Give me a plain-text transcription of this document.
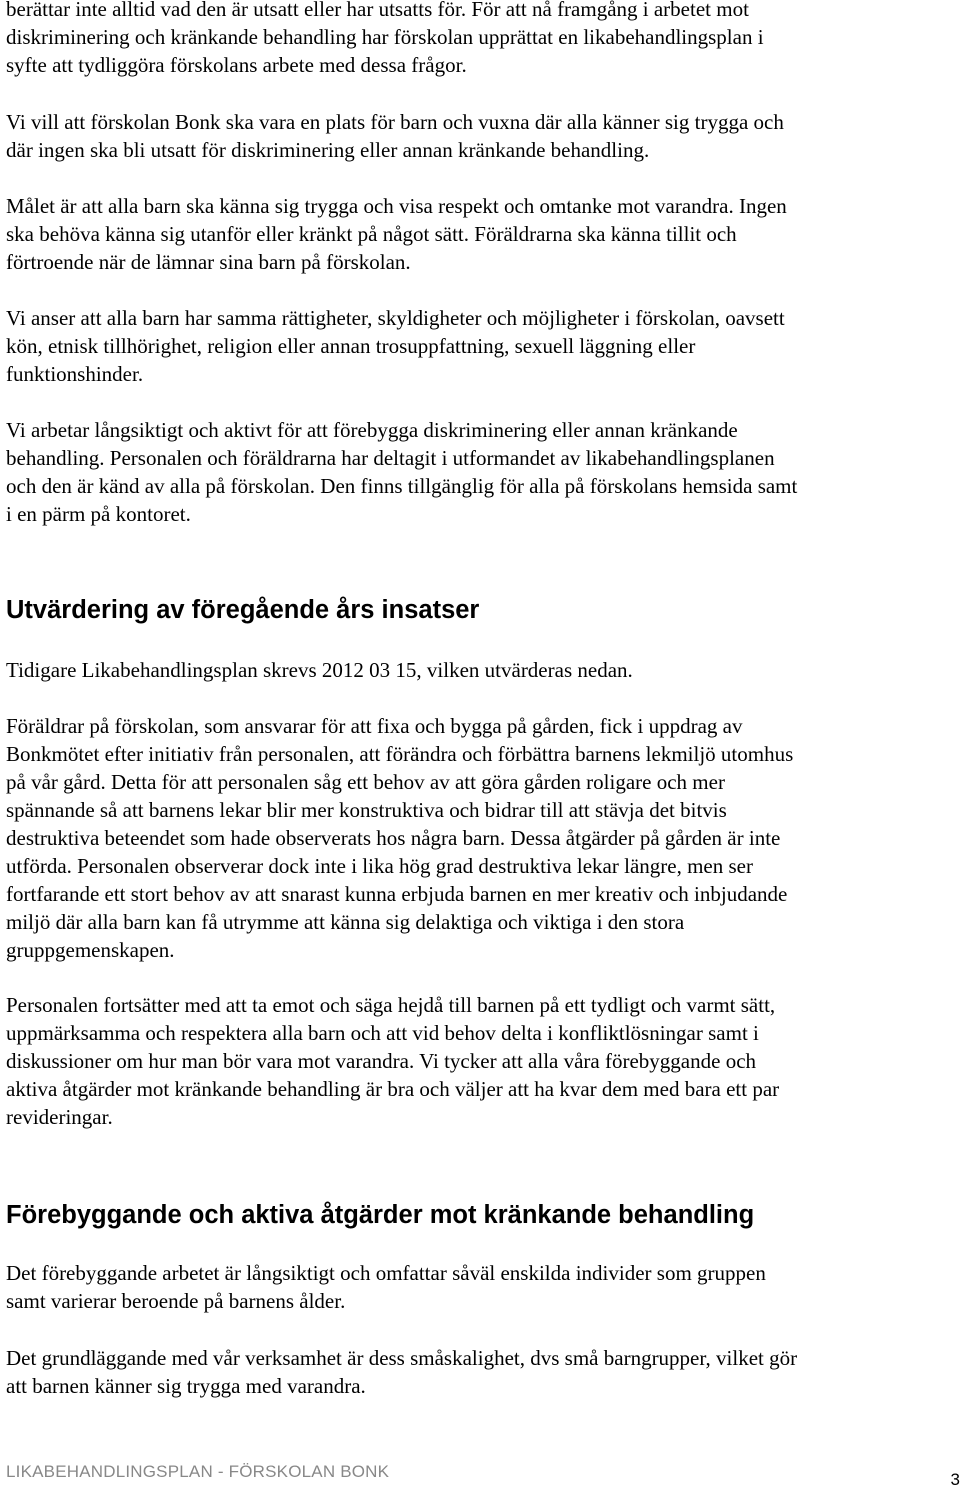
berättar inte alltid vad den är utsatt eller har utsatts för. För att nå framgång i arbetet mot
diskriminering och kränkande behandling har förskolan upprättat en likabehandlingsplan i
syfte att tydliggöra förskolans arbete med dessa frågor.

Vi vill att förskolan Bonk ska vara en plats för barn och vuxna där alla känner sig trygga och
där ingen ska bli utsatt för diskriminering eller annan kränkande behandling.

Målet är att alla barn ska känna sig trygga och visa respekt och omtanke mot varandra. Ingen
ska behöva känna sig utanför eller kränkt på något sätt. Föräldrarna ska känna tillit och
förtroende när de lämnar sina barn på förskolan.

Vi anser att alla barn har samma rättigheter, skyldigheter och möjligheter i förskolan, oavsett
kön, etnisk tillhörighet, religion eller annan trosuppfattning, sexuell läggning eller
funktionshinder.

Vi arbetar långsiktigt och aktivt för att förebygga diskriminering eller annan kränkande
behandling. Personalen och föräldrarna har deltagit i utformandet av likabehandlingsplanen
och den är känd av alla på förskolan. Den finns tillgänglig för alla på förskolans hemsida samt
i en pärm på kontoret.

Utvärdering av föregående års insatser

Tidigare Likabehandlingsplan skrevs 2012 03 15, vilken utvärderas nedan.

Föräldrar på förskolan, som ansvarar för att fixa och bygga på gården, fick i uppdrag av
Bonkmötet efter initiativ från personalen, att förändra och förbättra barnens lekmiljö utomhus
på vår gård. Detta för att personalen såg ett behov av att göra gården roligare och mer
spännande så att barnens lekar blir mer konstruktiva och bidrar till att stävja det bitvis
destruktiva beteendet som hade observerats hos några barn. Dessa åtgärder på gården är inte
utförda. Personalen observerar dock inte i lika hög grad destruktiva lekar längre, men ser
fortfarande ett stort behov av att snarast kunna erbjuda barnen en mer kreativ och inbjudande
miljö där alla barn kan få utrymme att känna sig delaktiga och viktiga i den stora
gruppgemenskapen.

Personalen fortsätter med att ta emot och säga hejdå till barnen på ett tydligt och varmt sätt,
uppmärksamma och respektera alla barn och att vid behov delta i konfliktlösningar samt i
diskussioner om hur man bör vara mot varandra. Vi tycker att alla våra förebyggande och
aktiva åtgärder mot kränkande behandling är bra och väljer att ha kvar dem med bara ett par
revideringar.

Förebyggande och aktiva åtgärder mot kränkande behandling

Det förebyggande arbetet är långsiktigt och omfattar såväl enskilda individer som gruppen
samt varierar beroende på barnens ålder.

Det grundläggande med vår verksamhet är dess småskalighet, dvs små barngrupper, vilket gör
att barnen känner sig trygga med varandra.

LIKABEHANDLINGSPLAN - FÖRSKOLAN BONK	3
